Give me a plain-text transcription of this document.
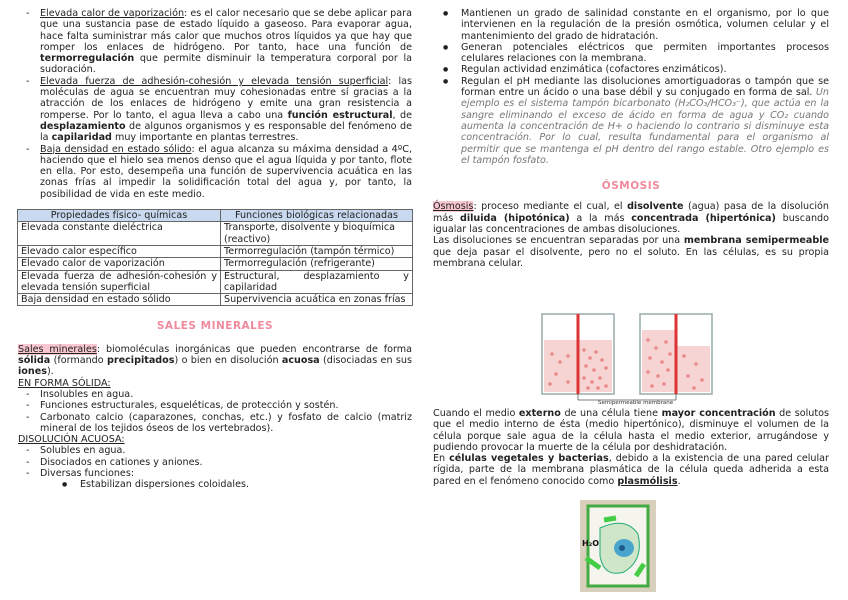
- Elevada calor de vaporización: es el calor necesario que se debe aplicar para que una sustancia pase de estado líquido a gaseoso. Para evaporar agua, hace falta suministrar más calor que muchos otros líquidos ya que hay que romper los enlaces de hidrógeno. Por tanto, hace una función de termorregulación que permite disminuir la temperatura corporal por la sudoración.
- Elevada fuerza de adhesión-cohesión y elevada tensión superficial: las moléculas de agua se encuentran muy cohesionadas entre sí gracias a la atracción de los enlaces de hidrógeno y emite una gran resistencia a romperse. Por lo tanto, el agua lleva a cabo una función estructural, de desplazamiento de algunos organismos y es responsable del fenómeno de la capilaridad muy importante en plantas terrestres.
- Baja densidad en estado sólido: el agua alcanza su máxima densidad a 4ºC, haciendo que el hielo sea menos denso que el agua líquida y por tanto, flote en ella. Por esto, desempeña una función de supervivencia acuática en las zonas frías al impedir la solidificación total del agua y, por tanto, la posibilidad de vida en este medio.
Propiedades físico- químicas	Funciones biológicas relacionadas
Elevada constante dieléctrica	Transporte, disolvente y bioquímica (reactivo)
Elevado calor específico	Termorregulación (tampón térmico)
Elevado calor de vaporización	Termorregulación (refrigerante)
Elevada fuerza de adhesión-cohesión y elevada tensión superficial	Estructural, desplazamiento y capilaridad
Baja densidad en estado sólido	Supervivencia acuática en zonas frías
SALES MINERALES

Sales minerales: biomoléculas inorgánicas que pueden encontrarse de forma sólida (formando precipitados) o bien en disolución acuosa (disociadas en sus iones).

EN FORMA SÓLIDA:
- Insolubles en agua.
- Funciones estructurales, esqueléticas, de protección y sostén.
- Carbonato calcio (caparazones, conchas, etc.) y fosfato de calcio (matriz mineral de los tejidos óseos de los vertebrados).
DISOLUCIÓN ACUOSA:
- Solubles en agua.
- Disociados en cationes y aniones.
- Diversas funciones:
● Estabilizan dispersiones coloidales.
● Mantienen un grado de salinidad constante en el organismo, por lo que intervienen en la regulación de la presión osmótica, volumen celular y el mantenimiento del grado de hidratación.
● Generan potenciales eléctricos que permiten importantes procesos celulares relaciones con la membrana.
● Regulan actividad enzimática (cofactores enzimáticos).
● Regulan el pH mediante las disoluciones amortiguadoras o tampón que se forman entre un ácido o una base débil y su conjugado en forma de sal. Un ejemplo es el sistema tampón bicarbonato (H₂CO₃/HCO₃⁻), que actúa en la sangre eliminando el exceso de ácido en forma de agua y CO₂ cuando aumenta la concentración de H+ o haciendo lo contrario si disminuye esta concentración. Por lo cual, resulta fundamental para el organismo al permitir que se mantenga el pH dentro del rango estable. Otro ejemplo es el tampón fosfato.
ÓSMOSIS

Ósmosis: proceso mediante el cual, el disolvente (agua) pasa de la disolución más diluida (hipotónica) a la más concentrada (hipertónica) buscando igualar las concentraciones de ambas disoluciones.

Las disoluciones se encuentran separadas por una membrana semipermeable que deja pasar el disolvente, pero no el soluto. En las células, es su propia membrana celular.

Semipermeable membrane

Cuando el medio externo de una célula tiene mayor concentración de solutos que el medio interno de ésta (medio hipertónico), disminuye el volumen de la célula porque sale agua de la célula hasta el medio exterior, arrugándose y pudiendo provocar la muerte de la célula por deshidratación.

En células vegetales y bacterias, debido a la existencia de una pared celular rígida, parte de la membrana plasmática de la célula queda adherida a esta pared en el fenómeno conocido como plasmólisis.

H₂O
